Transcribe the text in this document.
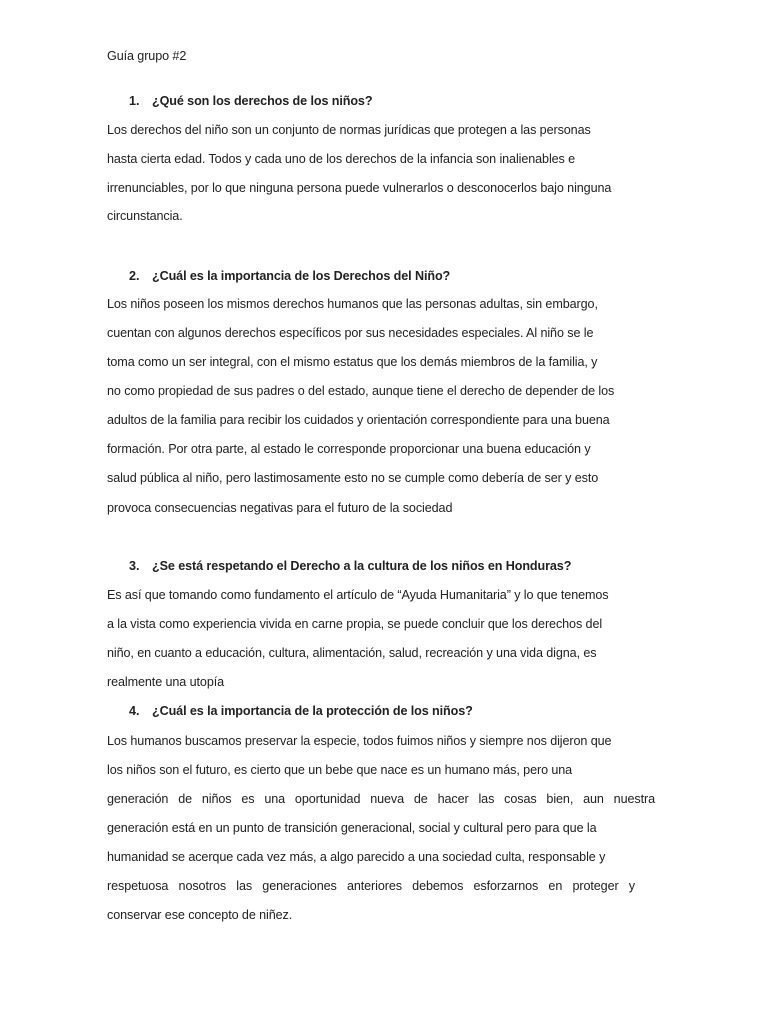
Guía grupo #2
1. ¿Qué son los derechos de los niños?
Los derechos del niño son un conjunto de normas jurídicas que protegen a las personas
hasta cierta edad. Todos y cada uno de los derechos de la infancia son inalienables e
irrenunciables, por lo que ninguna persona puede vulnerarlos o desconocerlos bajo ninguna
circunstancia.
2. ¿Cuál es la importancia de los Derechos del Niño?
Los niños poseen los mismos derechos humanos que las personas adultas, sin embargo,
cuentan con algunos derechos específicos por sus necesidades especiales. Al niño se le
toma como un ser integral, con el mismo estatus que los demás miembros de la familia, y
no como propiedad de sus padres o del estado, aunque tiene el derecho de depender de los
adultos de la familia para recibir los cuidados y orientación correspondiente para una buena
formación. Por otra parte, al estado le corresponde proporcionar una buena educación y
salud pública al niño, pero lastimosamente esto no se cumple como debería de ser y esto
provoca consecuencias negativas para el futuro de la sociedad
3. ¿Se está respetando el Derecho a la cultura de los niños en Honduras?
Es así que tomando como fundamento el artículo de “Ayuda Humanitaria” y lo que tenemos
a la vista como experiencia vivida en carne propia, se puede concluir que los derechos del
niño, en cuanto a educación, cultura, alimentación, salud, recreación y una vida digna, es
realmente una utopía
4. ¿Cuál es la importancia de la protección de los niños?
Los humanos buscamos preservar la especie, todos fuimos niños y siempre nos dijeron que
los niños son el futuro, es cierto que un bebe que nace es un humano más, pero una
generación de niños es una oportunidad nueva de hacer las cosas bien, aun nuestra
generación está en un punto de transición generacional, social y cultural pero para que la
humanidad se acerque cada vez más, a algo parecido a una sociedad culta, responsable y
respetuosa nosotros las generaciones anteriores debemos esforzarnos en proteger y
conservar ese concepto de niñez.
